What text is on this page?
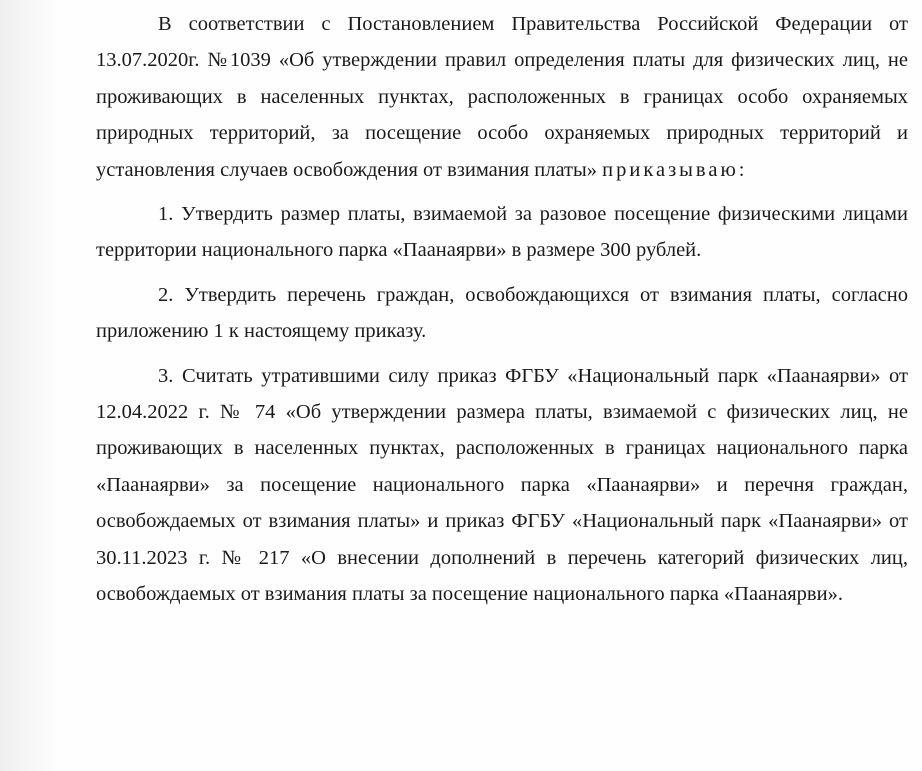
В соответствии с Постановлением Правительства Российской Федерации от 13.07.2020г. №1039 «Об утверждении правил определения платы для физических лиц, не проживающих в населенных пунктах, расположенных в границах особо охраняемых природных территорий, за посещение особо охраняемых природных территорий и установления случаев освобождения от взимания платы» приказываю:

1. Утвердить размер платы, взимаемой за разовое посещение физическими лицами территории национального парка «Паанаярви» в размере 300 рублей.

2. Утвердить перечень граждан, освобождающихся от взимания платы, согласно приложению 1 к настоящему приказу.

3. Считать утратившими силу приказ ФГБУ «Национальный парк «Паанаярви» от 12.04.2022 г. № 74 «Об утверждении размера платы, взимаемой с физических лиц, не проживающих в населенных пунктах, расположенных в границах национального парка «Паанаярви» за посещение национального парка «Паанаярви» и перечня граждан, освобождаемых от взимания платы» и приказ ФГБУ «Национальный парк «Паанаярви» от 30.11.2023 г. № 217 «О внесении дополнений в перечень категорий физических лиц, освобождаемых от взимания платы за посещение национального парка «Паанаярви».
